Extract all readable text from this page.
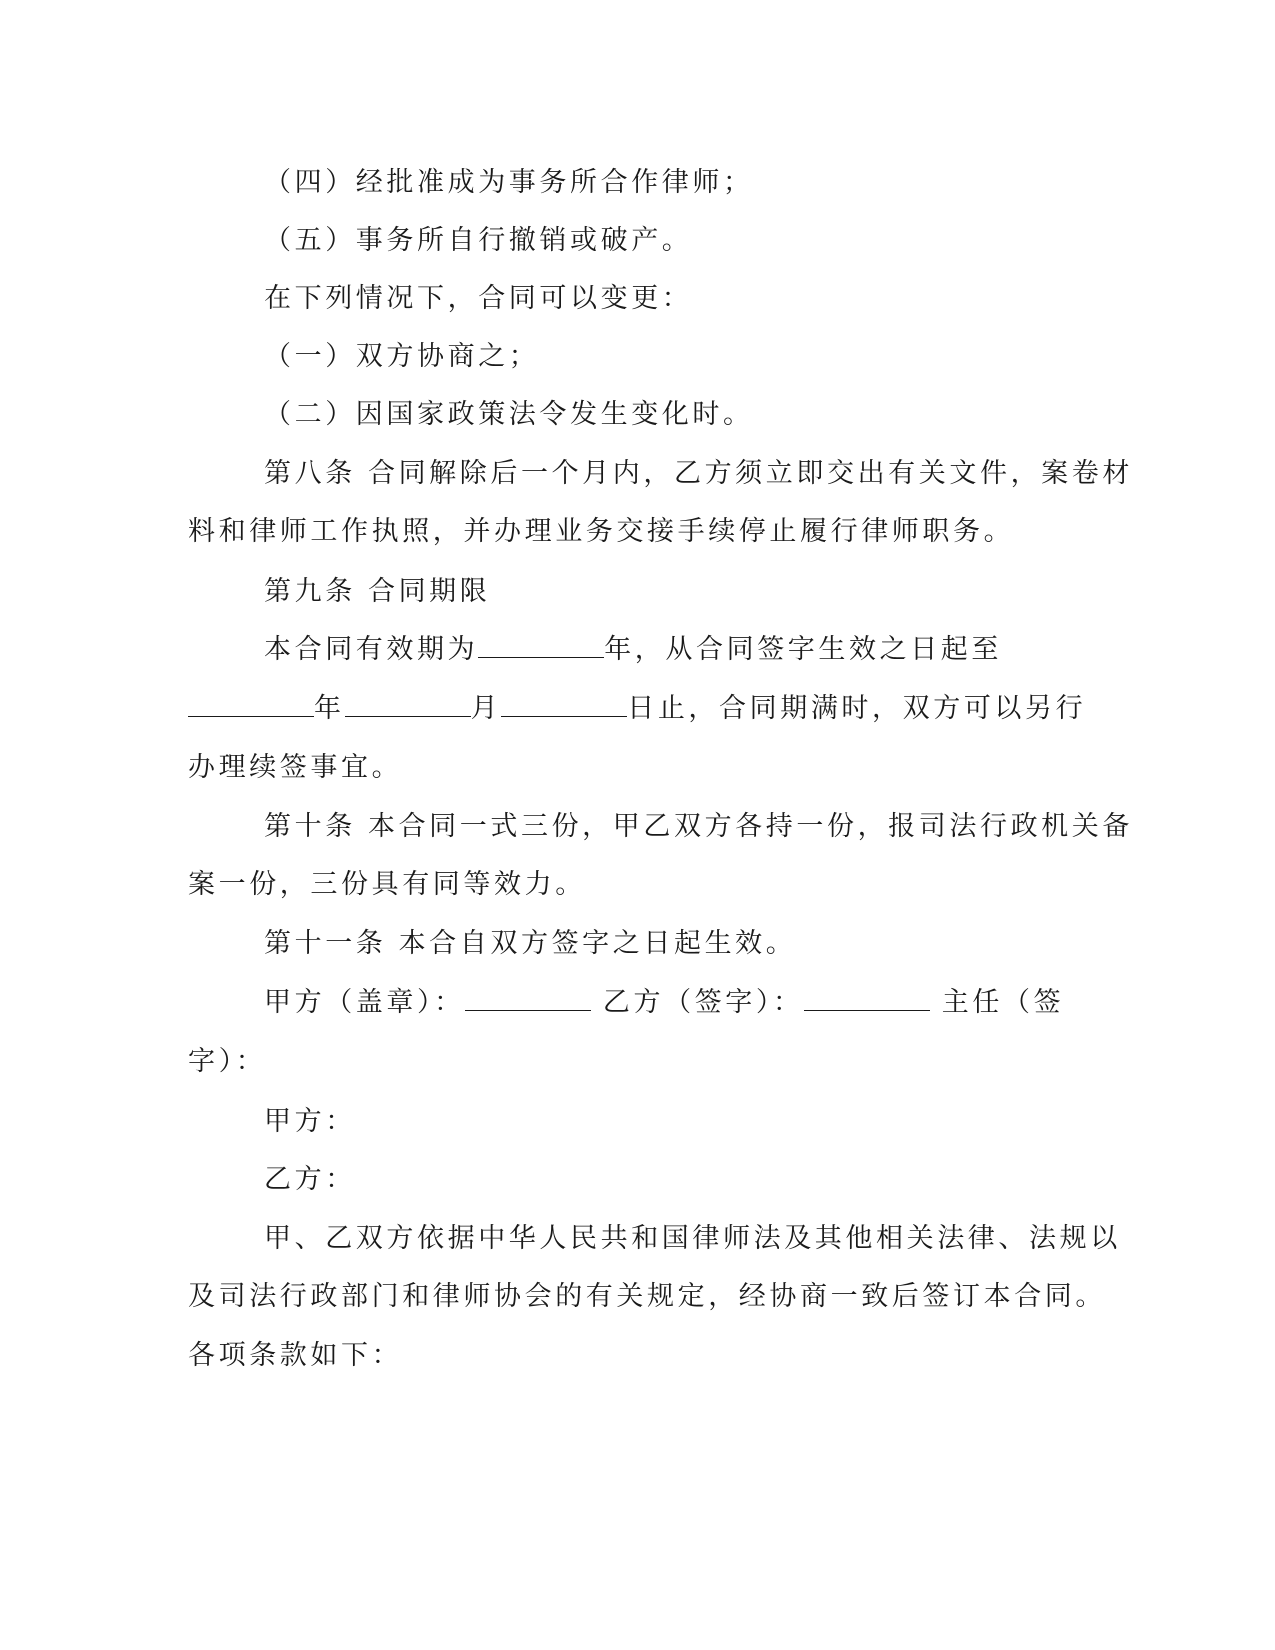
（四）经批准成为事务所合作律师；
（五）事务所自行撤销或破产。
在下列情况下，合同可以变更：
（一）双方协商之；
（二）因国家政策法令发生变化时。
第八条 合同解除后一个月内，乙方须立即交出有关文件，案卷材
料和律师工作执照，并办理业务交接手续停止履行律师职务。
第九条 合同期限
本合同有效期为	年，从合同签字生效之日起至
年	月	日止，合同期满时，双方可以另行
办理续签事宜。
第十条 本合同一式三份，甲乙双方各持一份，报司法行政机关备
案一份，三份具有同等效力。
第十一条 本合自双方签字之日起生效。
甲方（盖章）：	乙方（签字）：	主任（签
字）：
甲方：
乙方：
甲、乙双方依据中华人民共和国律师法及其他相关法律、法规以
及司法行政部门和律师协会的有关规定，经协商一致后签订本合同。
各项条款如下：
